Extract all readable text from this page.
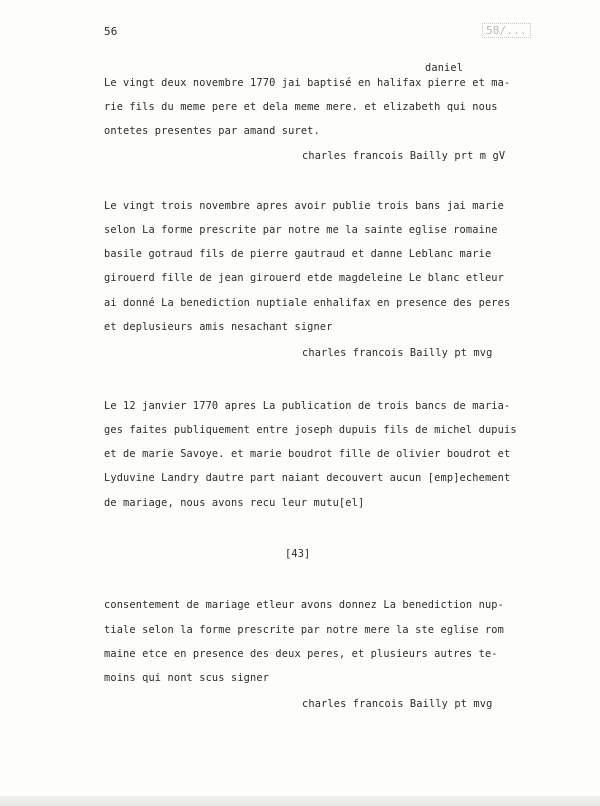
56	58/...
daniel
Le vingt deux novembre 1770 jai baptisé en halifax pierre et ma-
rie fils du meme pere et dela meme mere. et elizabeth qui nous
ontetes presentes par amand suret.
charles francois Bailly prt m gV
Le vingt trois novembre apres avoir publie trois bans jai marie
selon La forme prescrite par notre me la sainte eglise romaine
basile gotraud fils de pierre gautraud et danne Leblanc marie
girouerd fille de jean girouerd etde magdeleine Le blanc etleur
ai donné La benediction nuptiale enhalifax en presence des peres
et deplusieurs amis nesachant signer
charles francois Bailly pt mvg
Le 12 janvier 1770 apres La publication de trois bancs de mariа-
ges faites publiquement entre joseph dupuis fils de michel dupuis
et de marie Savoye. et marie boudrot fille de olivier boudrot et
Lyduvine Landry dautre part naiant decouvert aucun [emp]echement
de mariage, nous avons recu leur mutu[el]
[43]
consentement de mariage etleur avons donnez La benediction nup-
tiale selon la forme prescrite par notre mere la ste eglise rom
maine etce en presence des deux peres, et plusieurs autres te-
moins qui nont scus signer
charles francois Bailly pt mvg
